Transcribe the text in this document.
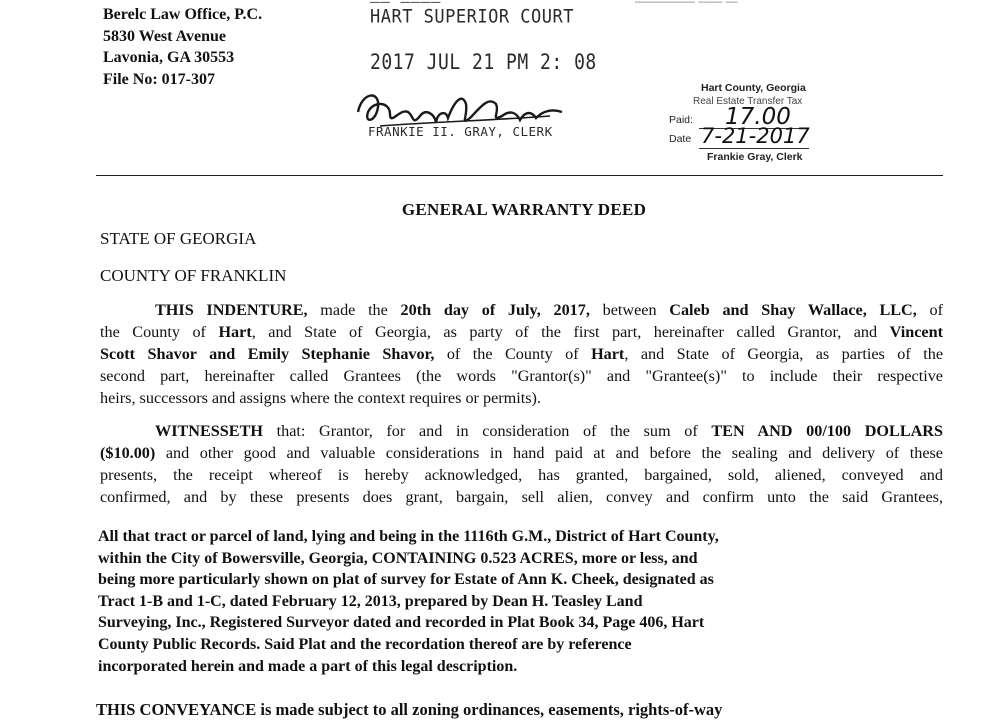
Berelc Law Office, P.C.
5830 West Avenue
Lavonia, GA 30553
File No: 017-307
—— ————
HART SUPERIOR COURT
2017 JUL 21 PM 2: 08
FRANKIE II. GRAY, CLERK
————— —— —
Hart County, Georgia
Real Estate Transfer Tax
Paid: 17.00
Date 7-21-2017
Frankie Gray, Clerk
GENERAL WARRANTY DEED
STATE OF GEORGIA
COUNTY OF FRANKLIN
THIS INDENTURE, made the 20th day of July, 2017, between Caleb and Shay Wallace, LLC, of
the County of Hart, and State of Georgia, as party of the first part, hereinafter called Grantor, and Vincent
Scott Shavor and Emily Stephanie Shavor, of the County of Hart, and State of Georgia, as parties of the
second part, hereinafter called Grantees (the words "Grantor(s)" and "Grantee(s)" to include their respective
heirs, successors and assigns where the context requires or permits).
WITNESSETH that: Grantor, for and in consideration of the sum of TEN AND 00/100 DOLLARS
($10.00) and other good and valuable considerations in hand paid at and before the sealing and delivery of these
presents, the receipt whereof is hereby acknowledged, has granted, bargained, sold, aliened, conveyed and
confirmed, and by these presents does grant, bargain, sell alien, convey and confirm unto the said Grantees,
All that tract or parcel of land, lying and being in the 1116th G.M., District of Hart County,
within the City of Bowersville, Georgia, CONTAINING 0.523 ACRES, more or less, and
being more particularly shown on plat of survey for Estate of Ann K. Cheek, designated as
Tract 1-B and 1-C, dated February 12, 2013, prepared by Dean H. Teasley Land
Surveying, Inc., Registered Surveyor dated and recorded in Plat Book 34, Page 406, Hart
County Public Records. Said Plat and the recordation thereof are by reference
incorporated herein and made a part of this legal description.
THIS CONVEYANCE is made subject to all zoning ordinances, easements, rights-of-way
